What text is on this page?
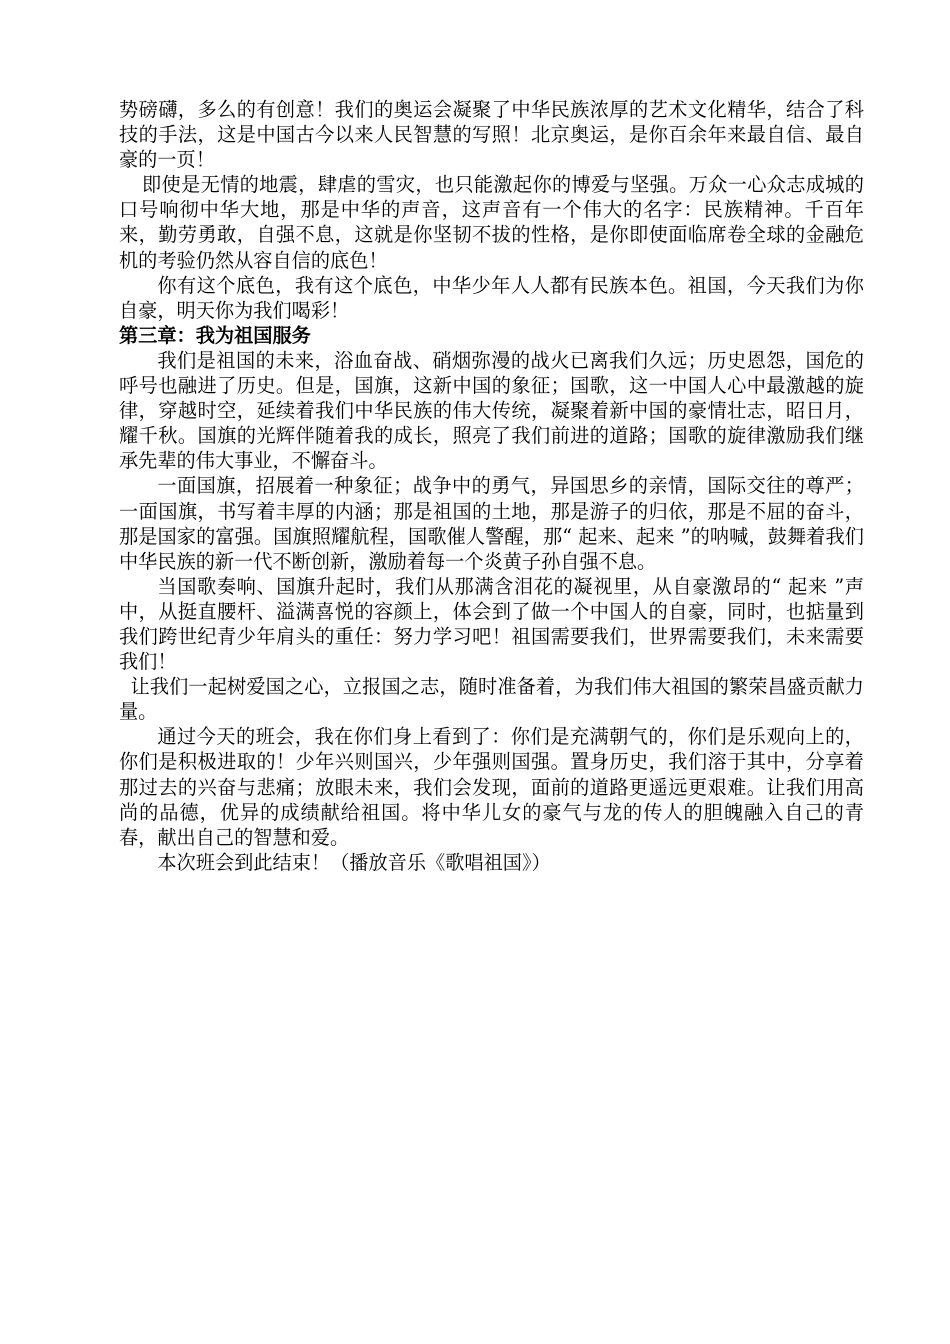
势磅礴，多么的有创意！我们的奥运会凝聚了中华民族浓厚的艺术文化精华，结合了科技的手法，这是中国古今以来人民智慧的写照！北京奥运，是你百余年来最自信、最自豪的一页！

即使是无情的地震，肆虐的雪灾，也只能激起你的博爱与坚强。万众一心众志成城的口号响彻中华大地，那是中华的声音，这声音有一个伟大的名字：民族精神。千百年来，勤劳勇敢，自强不息，这就是你坚韧不拔的性格，是你即使面临席卷全球的金融危机的考验仍然从容自信的底色！

你有这个底色，我有这个底色，中华少年人人都有民族本色。祖国，今天我们为你自豪，明天你为我们喝彩！

第三章：我为祖国服务

我们是祖国的未来，浴血奋战、硝烟弥漫的战火已离我们久远；历史恩怨，国危的呼号也融进了历史。但是，国旗，这新中国的象征；国歌，这一中国人心中最激越的旋律，穿越时空，延续着我们中华民族的伟大传统，凝聚着新中国的豪情壮志，昭日月，耀千秋。国旗的光辉伴随着我的成长，照亮了我们前进的道路；国歌的旋律激励我们继承先辈的伟大事业，不懈奋斗。

一面国旗，招展着一种象征；战争中的勇气，异国思乡的亲情，国际交往的尊严；一面国旗，书写着丰厚的内涵；那是祖国的土地，那是游子的归依，那是不屈的奋斗，那是国家的富强。国旗照耀航程，国歌催人警醒，那“ 起来、起来 ”的呐喊，鼓舞着我们中华民族的新一代不断创新，激励着每一个炎黄子孙自强不息。

当国歌奏响、国旗升起时，我们从那满含泪花的凝视里，从自豪激昂的“ 起来 ”声中，从挺直腰杆、溢满喜悦的容颜上，体会到了做一个中国人的自豪，同时，也掂量到我们跨世纪青少年肩头的重任：努力学习吧！祖国需要我们，世界需要我们，未来需要我们！

让我们一起树爱国之心，立报国之志，随时准备着，为我们伟大祖国的繁荣昌盛贡献力量。

通过今天的班会，我在你们身上看到了：你们是充满朝气的，你们是乐观向上的，你们是积极进取的！少年兴则国兴，少年强则国强。置身历史，我们溶于其中，分享着那过去的兴奋与悲痛；放眼未来，我们会发现，面前的道路更遥远更艰难。让我们用高尚的品德，优异的成绩献给祖国。将中华儿女的豪气与龙的传人的胆魄融入自己的青春，献出自己的智慧和爱。

本次班会到此结束！（播放音乐《歌唱祖国》）
